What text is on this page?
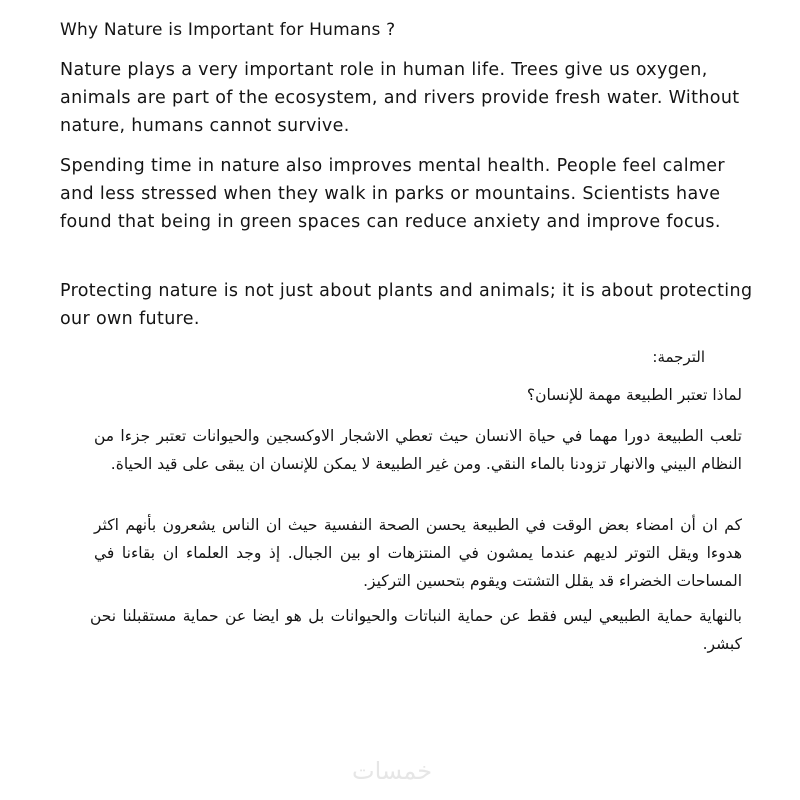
Why Nature is Important for Humans ?

Nature plays a very important role in human life. Trees give us oxygen, animals are part of the ecosystem, and rivers provide fresh water. Without nature, humans cannot survive.

Spending time in nature also improves mental health. People feel calmer and less stressed when they walk in parks or mountains. Scientists have found that being in green spaces can reduce anxiety and improve focus.

Protecting nature is not just about plants and animals; it is about protecting our own future.

الترجمة:

لماذا تعتبر الطبيعة مهمة للإنسان؟

تلعب الطبيعة دورا مهما في حياة الانسان حيث تعطي الاشجار الاوكسجين والحيوانات تعتبر جزءا من النظام البيني والانهار تزودنا بالماء النقي. ومن غير الطبيعة لا يمكن للإنسان ان يبقى على قيد الحياة.

كم ان أن امضاء بعض الوقت في الطبيعة يحسن الصحة النفسية حيث ان الناس يشعرون بأنهم اكثر هدوءا ويقل التوتر لديهم عندما يمشون في المنتزهات او بين الجبال. إذ وجد العلماء ان بقاءنا في المساحات الخضراء قد يقلل التشتت ويقوم بتحسين التركيز.

بالنهاية حماية الطبيعي ليس فقط عن حماية النباتات والحيوانات بل هو ايضا عن حماية مستقبلنا نحن كبشر.

خمسات
